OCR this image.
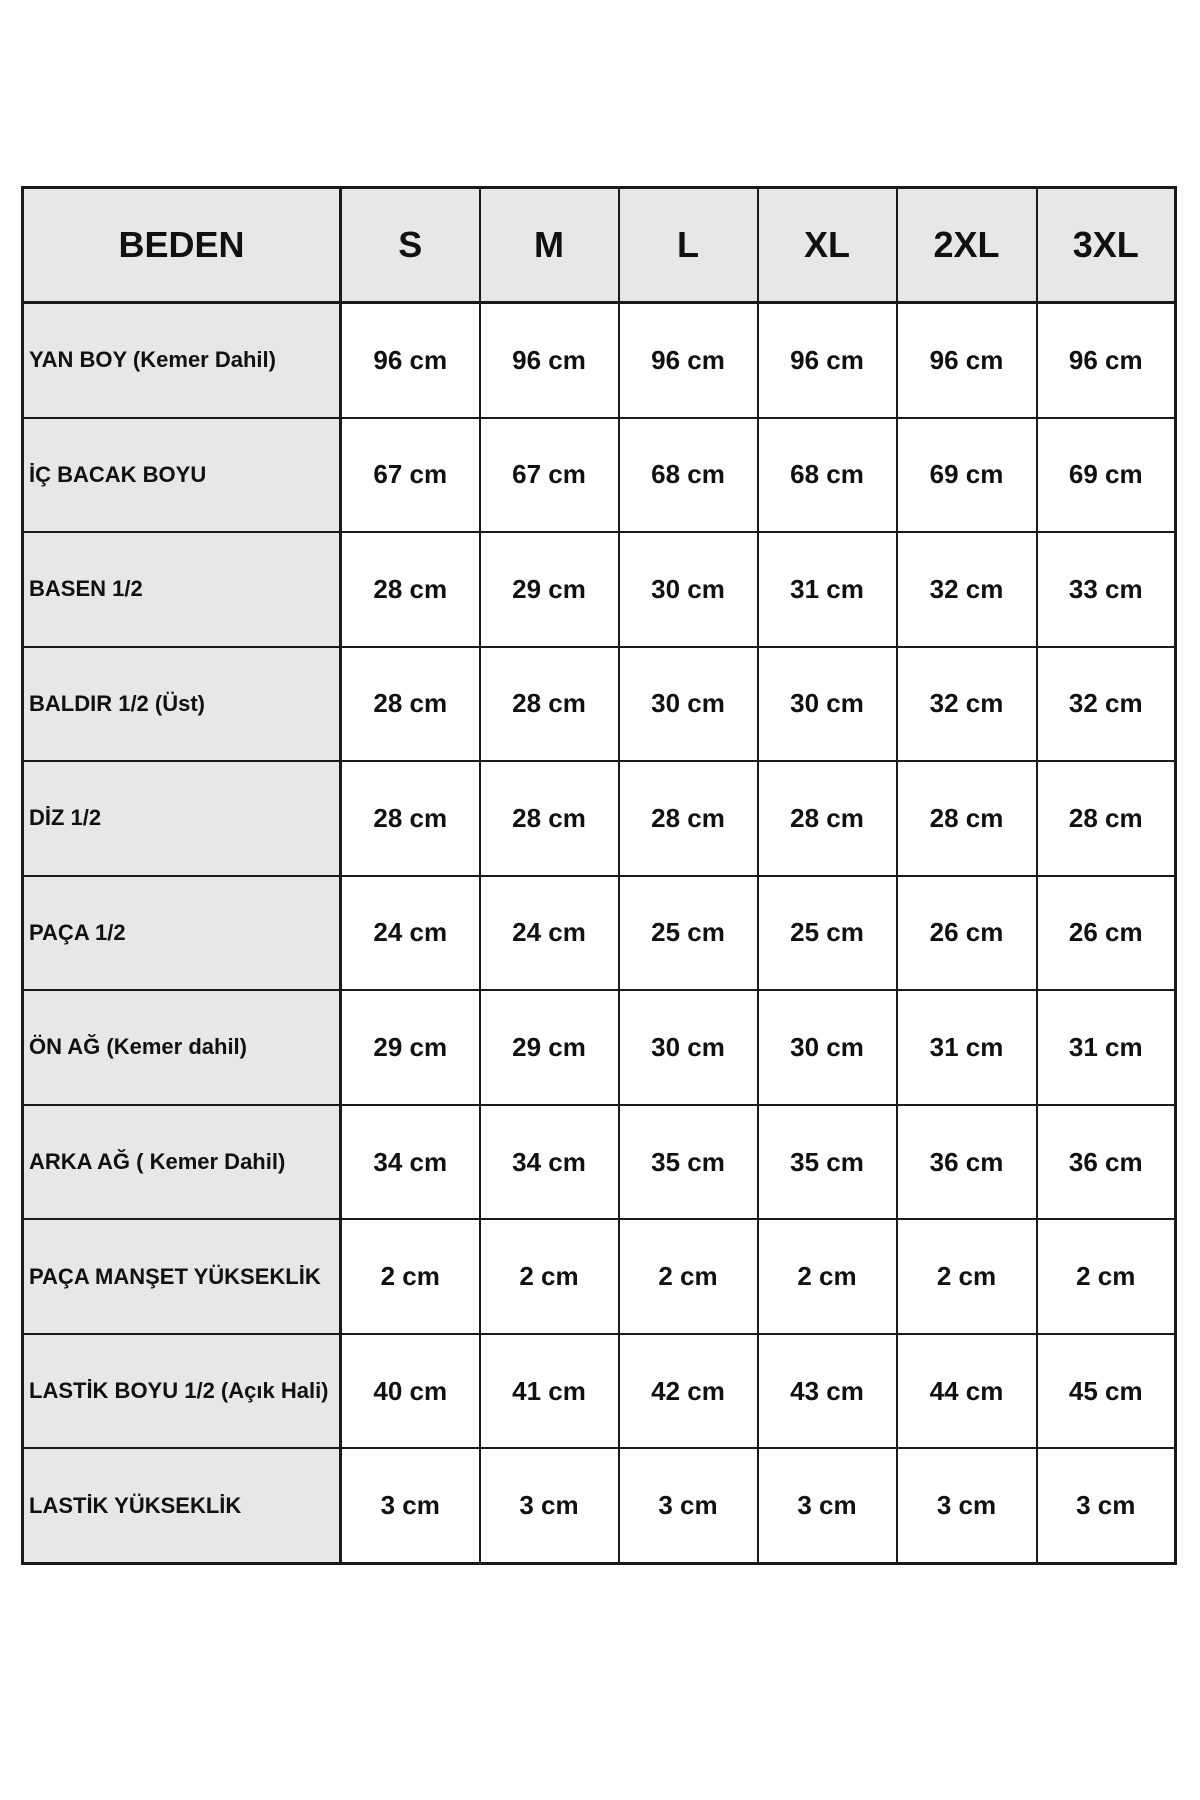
BEDEN	S	M	L	XL	2XL	3XL
YAN BOY (Kemer Dahil)	96 cm	96 cm	96 cm	96 cm	96 cm	96 cm
İÇ BACAK BOYU	67 cm	67 cm	68 cm	68 cm	69 cm	69 cm
BASEN 1/2	28 cm	29 cm	30 cm	31 cm	32 cm	33 cm
BALDIR 1/2 (Üst)	28 cm	28 cm	30 cm	30 cm	32 cm	32 cm
DİZ 1/2	28 cm	28 cm	28 cm	28 cm	28 cm	28 cm
PAÇA 1/2	24 cm	24 cm	25 cm	25 cm	26 cm	26 cm
ÖN AĞ (Kemer dahil)	29 cm	29 cm	30 cm	30 cm	31 cm	31 cm
ARKA AĞ ( Kemer Dahil)	34 cm	34 cm	35 cm	35 cm	36 cm	36 cm
PAÇA MANŞET YÜKSEKLİK	2 cm	2 cm	2 cm	2 cm	2 cm	2 cm
LASTİK BOYU 1/2 (Açık Hali)	40 cm	41 cm	42 cm	43 cm	44 cm	45 cm
LASTİK YÜKSEKLİK	3 cm	3 cm	3 cm	3 cm	3 cm	3 cm
